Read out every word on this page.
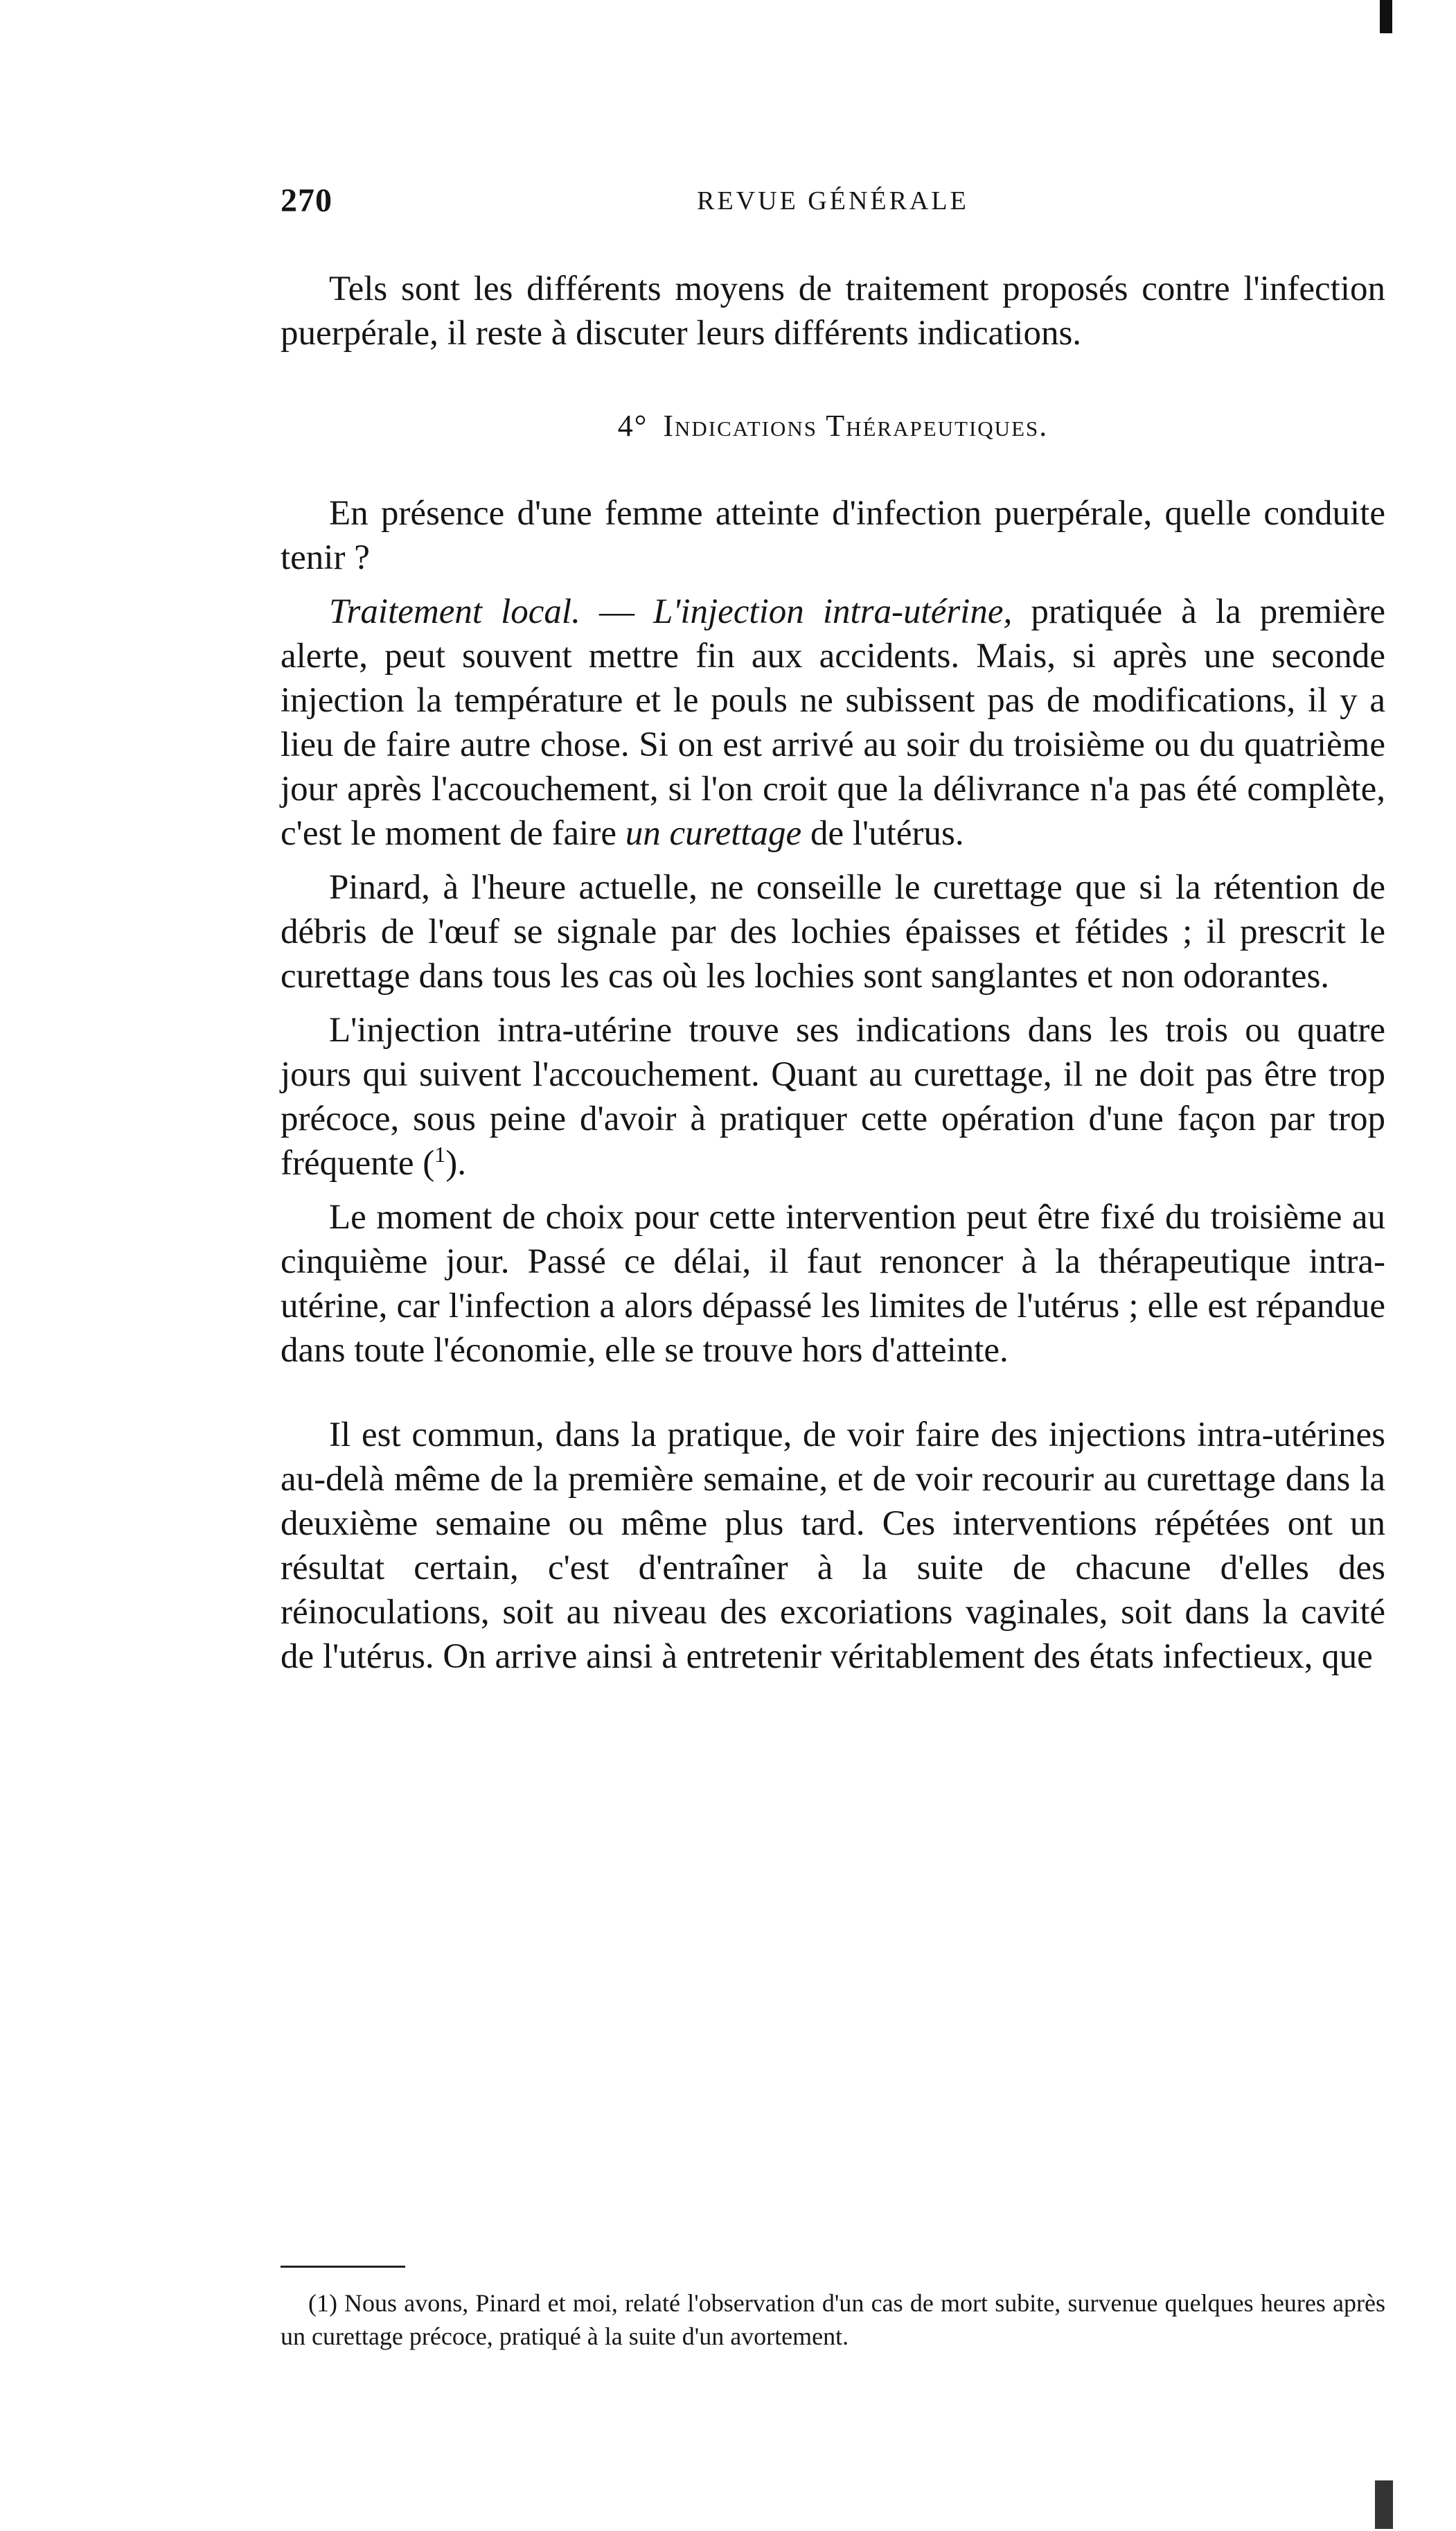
270	REVUE GÉNÉRALE

Tels sont les différents moyens de traitement proposés contre l'infection puerpérale, il reste à discuter leurs différents indications.

4° Indications Thérapeutiques.

En présence d'une femme atteinte d'infection puerpérale, quelle conduite tenir ?

Traitement local. — L'injection intra-utérine, pratiquée à la première alerte, peut souvent mettre fin aux accidents. Mais, si après une seconde injection la température et le pouls ne subissent pas de modifications, il y a lieu de faire autre chose. Si on est arrivé au soir du troisième ou du quatrième jour après l'accouchement, si l'on croit que la délivrance n'a pas été complète, c'est le moment de faire un curettage de l'utérus.

Pinard, à l'heure actuelle, ne conseille le curettage que si la rétention de débris de l'œuf se signale par des lochies épaisses et fétides ; il prescrit le curettage dans tous les cas où les lochies sont sanglantes et non odorantes.

L'injection intra-utérine trouve ses indications dans les trois ou quatre jours qui suivent l'accouchement. Quant au curettage, il ne doit pas être trop précoce, sous peine d'avoir à pratiquer cette opération d'une façon par trop fréquente ($^1$).

Le moment de choix pour cette intervention peut être fixé du troisième au cinquième jour. Passé ce délai, il faut renoncer à la thérapeutique intra-utérine, car l'infection a alors dépassé les limites de l'utérus ; elle est répandue dans toute l'économie, elle se trouve hors d'atteinte.

Il est commun, dans la pratique, de voir faire des injections intra-utérines au-delà même de la première semaine, et de voir recourir au curettage dans la deuxième semaine ou même plus tard. Ces interventions répétées ont un résultat certain, c'est d'entraîner à la suite de chacune d'elles des réinoculations, soit au niveau des excoriations vaginales, soit dans la cavité de l'utérus. On arrive ainsi à entretenir véritablement des états infectieux, que

(1) Nous avons, Pinard et moi, relaté l'observation d'un cas de mort subite, survenue quelques heures après un curettage précoce, pratiqué à la suite d'un avortement.
